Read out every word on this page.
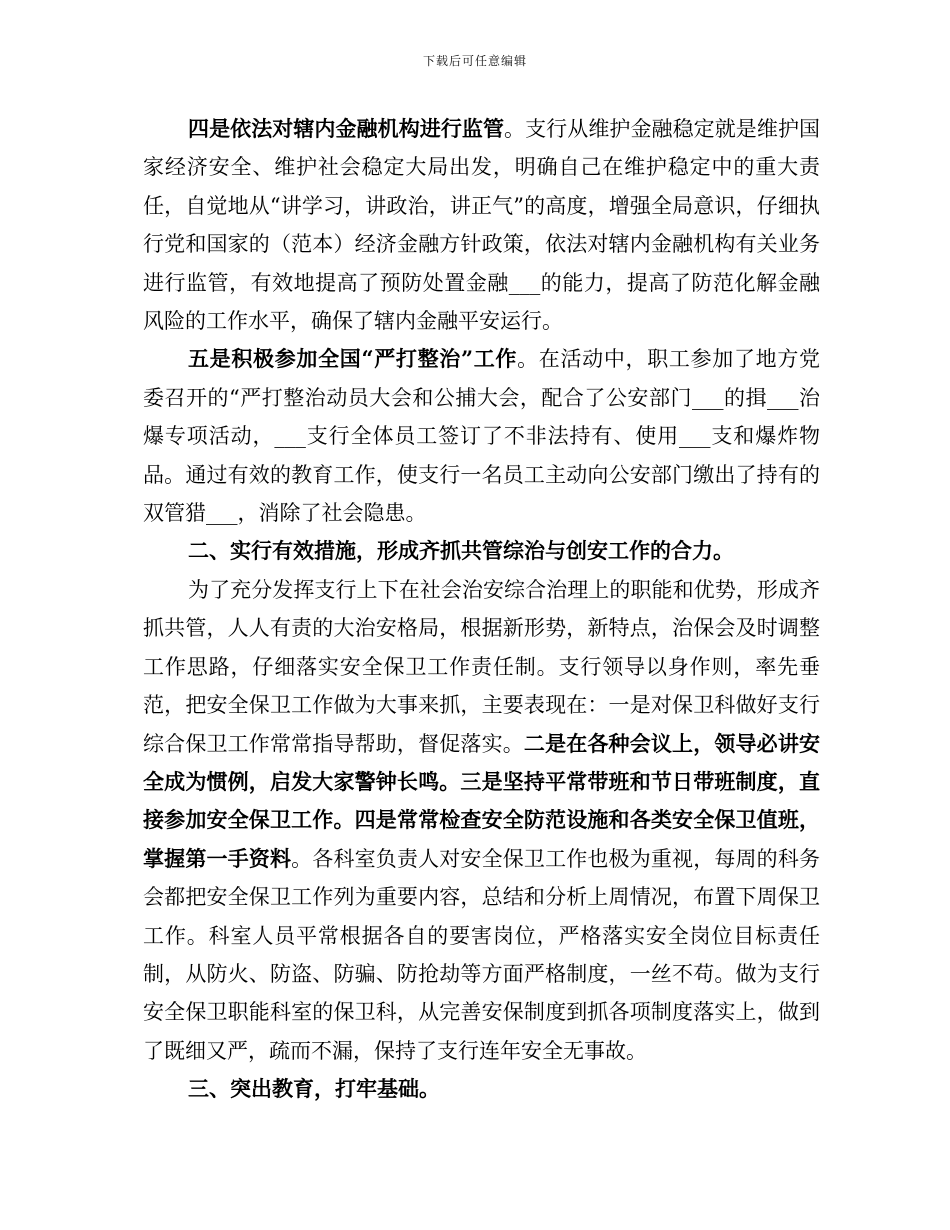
下载后可任意编辑

四是依法对辖内金融机构进行监管。支行从维护金融稳定就是维护国家经济安全、维护社会稳定大局出发，明确自己在维护稳定中的重大责任，自觉地从“讲学习，讲政治，讲正气”的高度，增强全局意识，仔细执行党和国家的（范本）经济金融方针政策，依法对辖内金融机构有关业务进行监管，有效地提高了预防处置金融___的能力，提高了防范化解金融风险的工作水平，确保了辖内金融平安运行。

五是积极参加全国“严打整治”工作。在活动中，职工参加了地方党委召开的“严打整治动员大会和公捕大会，配合了公安部门___的揖___治爆专项活动，___支行全体员工签订了不非法持有、使用___支和爆炸物品。通过有效的教育工作，使支行一名员工主动向公安部门缴出了持有的双管猎___，消除了社会隐患。

二、实行有效措施，形成齐抓共管综治与创安工作的合力。

为了充分发挥支行上下在社会治安综合治理上的职能和优势，形成齐抓共管，人人有责的大治安格局，根据新形势，新特点，治保会及时调整工作思路，仔细落实安全保卫工作责任制。支行领导以身作则，率先垂范，把安全保卫工作做为大事来抓，主要表现在：一是对保卫科做好支行综合保卫工作常常指导帮助，督促落实。二是在各种会议上，领导必讲安全成为惯例，启发大家警钟长鸣。三是坚持平常带班和节日带班制度，直接参加安全保卫工作。四是常常检查安全防范设施和各类安全保卫值班，掌握第一手资料。各科室负责人对安全保卫工作也极为重视，每周的科务会都把安全保卫工作列为重要内容，总结和分析上周情况，布置下周保卫工作。科室人员平常根据各自的要害岗位，严格落实安全岗位目标责任制，从防火、防盗、防骗、防抢劫等方面严格制度，一丝不苟。做为支行安全保卫职能科室的保卫科，从完善安保制度到抓各项制度落实上，做到了既细又严，疏而不漏，保持了支行连年安全无事故。

三、突出教育，打牢基础。
